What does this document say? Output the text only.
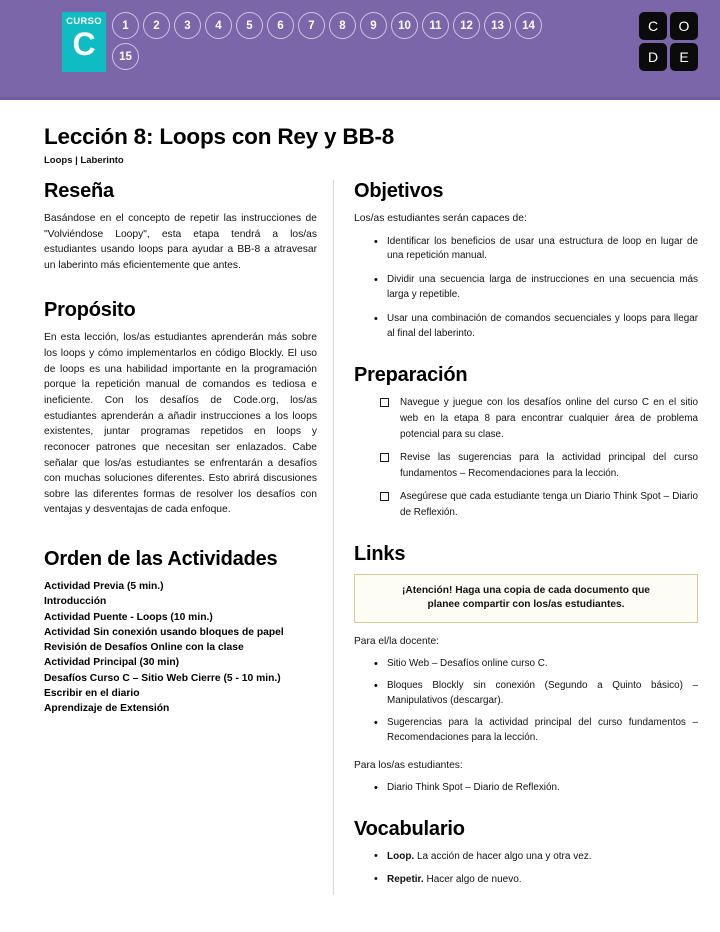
CURSO
C	1	2	3	4	5	6	7	8	9	10	11	12	13	14
15
C	O
D	E
Lección 8: Loops con Rey y BB-8
Loops | Laberinto
Reseña

Basándose en el concepto de repetir las instrucciones de "Volviéndose Loopy", esta etapa tendrá a los/as estudiantes usando loops para ayudar a BB-8 a atravesar un laberinto más eficientemente que antes.

Propósito

En esta lección, los/as estudiantes aprenderán más sobre los loops y cómo implementarlos en código Blockly. El uso de loops es una habilidad importante en la programación porque la repetición manual de comandos es tediosa e ineficiente. Con los desafíos de Code.org, los/as estudiantes aprenderán a añadir instrucciones a los loops existentes, juntar programas repetidos en loops y reconocer patrones que necesitan ser enlazados. Cabe señalar que los/as estudiantes se enfrentarán a desafíos con muchas soluciones diferentes. Esto abrirá discusiones sobre las diferentes formas de resolver los desafíos con ventajas y desventajas de cada enfoque.

Orden de las Actividades
Actividad Previa (5 min.)
Introducción
Actividad Puente - Loops (10 min.)
Actividad Sin conexión usando bloques de papel Revisión de Desafíos Online con la clase
Actividad Principal (30 min)
Desafíos Curso C – Sitio Web Cierre (5 - 10 min.)
Escribir en el diario
Aprendizaje de Extensión
Objetivos

Los/as estudiantes serán capaces de:

• Identificar los beneficios de usar una estructura de loop en lugar de una repetición manual.
• Dividir una secuencia larga de instrucciones en una secuencia más larga y repetible.
• Usar una combinación de comandos secuenciales y loops para llegar al final del laberinto.
Preparación
Navegue y juegue con los desafíos online del curso C en el sitio web en la etapa 8 para encontrar cualquier área de problema potencial para su clase.
Revise las sugerencias para la actividad principal del curso fundamentos – Recomendaciones para la lección.
Asegúrese que cada estudiante tenga un Diario Think Spot – Diario de Reflexión.
Links
¡Atención! Haga una copia de cada documento que
planee compartir con los/as estudiantes.

Para el/la docente:

• Sitio Web – Desafíos online curso C.
• Bloques Blockly sin conexión (Segundo a Quinto básico) – Manipulativos (descargar).
• Sugerencias para la actividad principal del curso fundamentos – Recomendaciones para la lección.

Para los/as estudiantes:

• Diario Think Spot – Diario de Reflexión.
Vocabulario
• Loop. La acción de hacer algo una y otra vez.
• Repetir. Hacer algo de nuevo.
